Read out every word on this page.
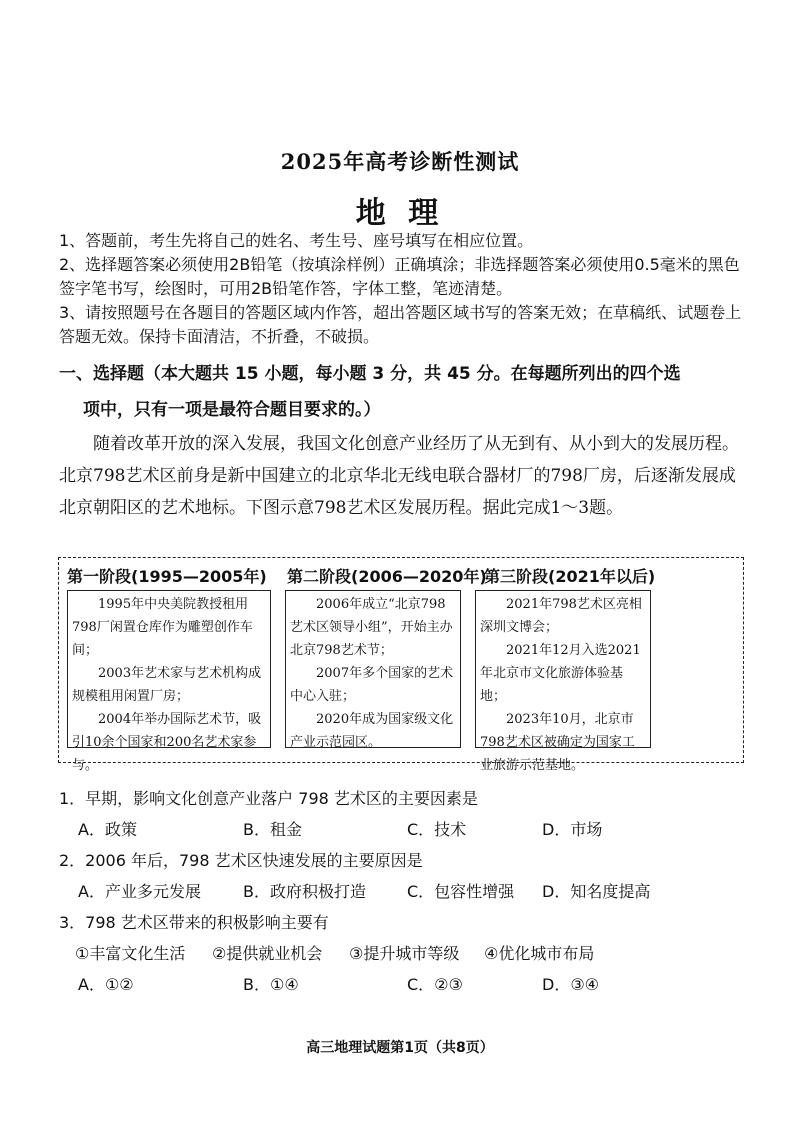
2025年高考诊断性测试
地 理
1、答题前，考生先将自己的姓名、考生号、座号填写在相应位置。
2、选择题答案必须使用2B铅笔（按填涂样例）正确填涂；非选择题答案必须使用0.5毫米的黑色签字笔书写，绘图时，可用2B铅笔作答，字体工整，笔迹清楚。
3、请按照题号在各题目的答题区域内作答，超出答题区域书写的答案无效；在草稿纸、试题卷上答题无效。保持卡面清洁，不折叠，不破损。
一、选择题（本大题共 15 小题，每小题 3 分，共 45 分。在每题所列出的四个选
项中，只有一项是最符合题目要求的。）
随着改革开放的深入发展，我国文化创意产业经历了从无到有、从小到大的发展历程。北京798艺术区前身是新中国建立的北京华北无线电联合器材厂的798厂房，后逐渐发展成北京朝阳区的艺术地标。下图示意798艺术区发展历程。据此完成1～3题。
第一阶段(1995—2005年) 第二阶段(2006—2020年)
第三阶段(2021年以后)

1995年中央美院教授租用798厂闲置仓库作为雕塑创作车间；

2003年艺术家与艺术机构成规模租用闲置厂房；

2004年举办国际艺术节，吸引10余个国家和200名艺术家参与。

2006年成立“北京798艺术区领导小组”，开始主办北京798艺术节；

2007年多个国家的艺术中心入驻；

2020年成为国家级文化产业示范园区。

2021年798艺术区亮相深圳文博会；

2021年12月入选2021年北京市文化旅游体验基地；

2023年10月，北京市798艺术区被确定为国家工业旅游示范基地。

1．早期，影响文化创意产业落户 798 艺术区的主要因素是
A．政策	B．租金	C．技术	D．市场
2．2006 年后，798 艺术区快速发展的主要原因是
A．产业多元发展	B．政府积极打造	C．包容性增强 D．知名度提高
3．798 艺术区带来的积极影响主要有
①丰富文化生活 ②提供就业机会 ③提升城市等级 ④优化城市布局
A．①②	B．①④	C．②③	D．③④
高三地理试题第1页（共8页）
